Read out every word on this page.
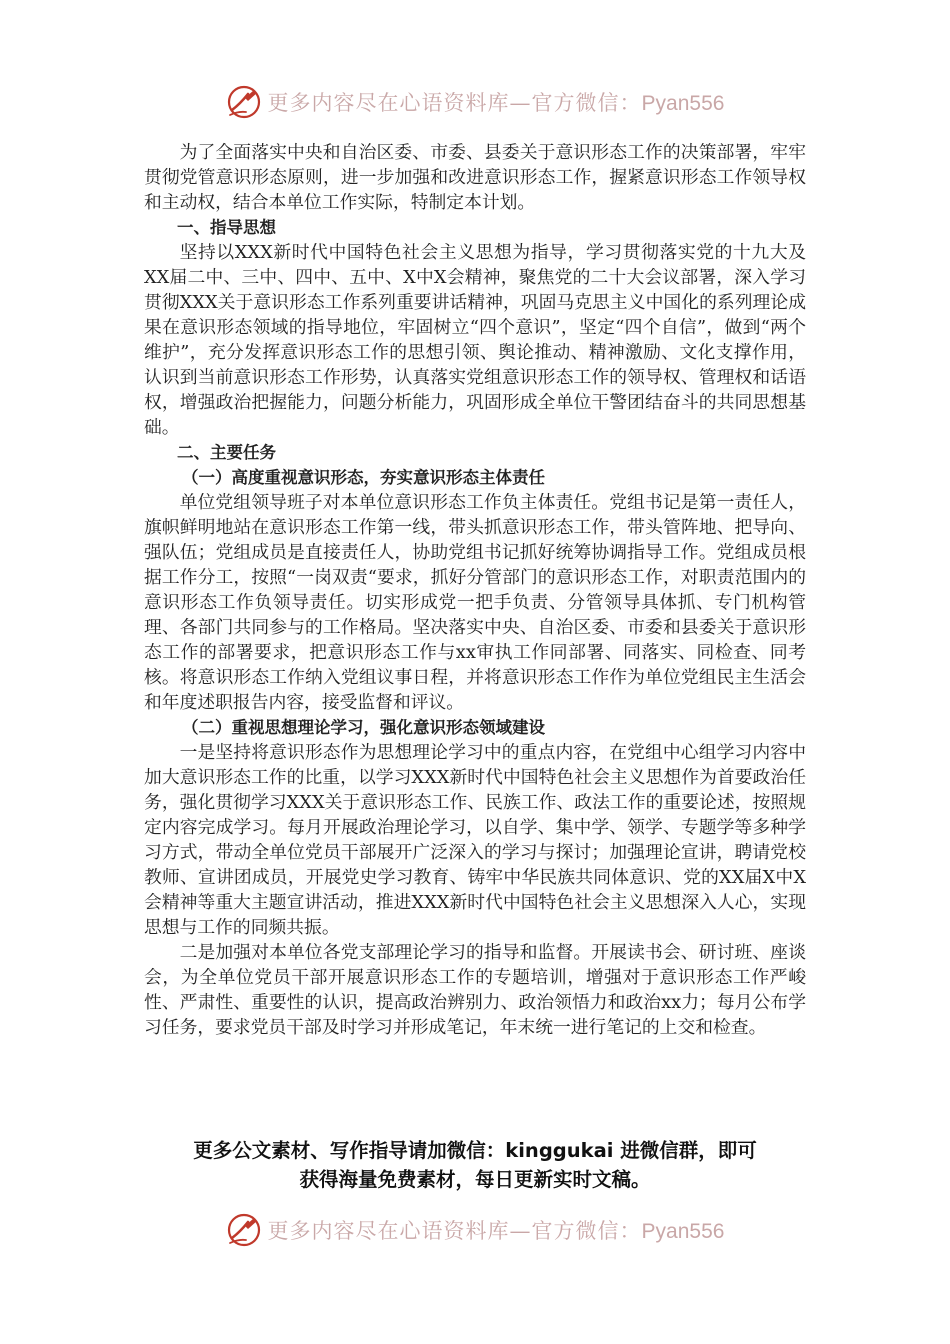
更多内容尽在心语资料库—官方微信：Pyan556

为了全面落实中央和自治区委、市委、县委关于意识形态工作的决策部署，牢牢贯彻党管意识形态原则，进一步加强和改进意识形态工作，握紧意识形态工作领导权和主动权，结合本单位工作实际，特制定本计划。

一、指导思想

坚持以XXX新时代中国特色社会主义思想为指导，学习贯彻落实党的十九大及XX届二中、三中、四中、五中、X中X会精神，聚焦党的二十大会议部署，深入学习贯彻XXX关于意识形态工作系列重要讲话精神，巩固马克思主义中国化的系列理论成果在意识形态领域的指导地位，牢固树立“四个意识”，坚定“四个自信”，做到“两个维护”，充分发挥意识形态工作的思想引领、舆论推动、精神激励、文化支撑作用，认识到当前意识形态工作形势，认真落实党组意识形态工作的领导权、管理权和话语权，增强政治把握能力，问题分析能力，巩固形成全单位干警团结奋斗的共同思想基础。

二、主要任务
（一）高度重视意识形态，夯实意识形态主体责任

单位党组领导班子对本单位意识形态工作负主体责任。党组书记是第一责任人，旗帜鲜明地站在意识形态工作第一线，带头抓意识形态工作，带头管阵地、把导向、强队伍；党组成员是直接责任人，协助党组书记抓好统筹协调指导工作。党组成员根据工作分工，按照“一岗双责“要求，抓好分管部门的意识形态工作，对职责范围内的意识形态工作负领导责任。切实形成党一把手负责、分管领导具体抓、专门机构管理、各部门共同参与的工作格局。坚决落实中央、自治区委、市委和县委关于意识形态工作的部署要求，把意识形态工作与xx审执工作同部署、同落实、同检查、同考核。将意识形态工作纳入党组议事日程，并将意识形态工作作为单位党组民主生活会和年度述职报告内容，接受监督和评议。

（二）重视思想理论学习，强化意识形态领域建设

一是坚持将意识形态作为思想理论学习中的重点内容，在党组中心组学习内容中加大意识形态工作的比重，以学习XXX新时代中国特色社会主义思想作为首要政治任务，强化贯彻学习XXX关于意识形态工作、民族工作、政法工作的重要论述，按照规定内容完成学习。每月开展政治理论学习，以自学、集中学、领学、专题学等多种学习方式，带动全单位党员干部展开广泛深入的学习与探讨；加强理论宣讲，聘请党校教师、宣讲团成员，开展党史学习教育、铸牢中华民族共同体意识、党的XX届X中X会精神等重大主题宣讲活动，推进XXX新时代中国特色社会主义思想深入人心，实现思想与工作的同频共振。

二是加强对本单位各党支部理论学习的指导和监督。开展读书会、研讨班、座谈会，为全单位党员干部开展意识形态工作的专题培训，增强对于意识形态工作严峻性、严肃性、重要性的认识，提高政治辨别力、政治领悟力和政治xx力；每月公布学习任务，要求党员干部及时学习并形成笔记，年末统一进行笔记的上交和检查。

更多公文素材、写作指导请加微信：kinggukai 进微信群，即可
获得海量免费素材，每日更新实时文稿。
更多内容尽在心语资料库—官方微信：Pyan556
